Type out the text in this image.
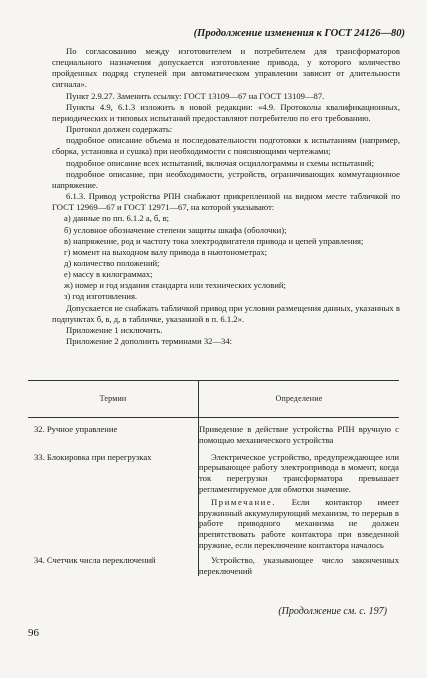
(Продолжение изменения к ГОСТ 24126—80)

По согласованию между изготовителем и потребителем для трансформаторов специального назначения допускается изготовление привода, у которого количество пройденных подряд ступеней при автоматическом управлении зависит от длительности сигнала».

Пункт 2.9.27. Заменить ссылку: ГОСТ 13109—67 на ГОСТ 13109—87.

Пункты 4.9, 6.1.3 изложить в новой редакции: «4.9. Протоколы квалификационных, периодических и типовых испытаний предоставляют потребителю по его требованию.

Протокол должен содержать:

подробное описание объема и последовательности подготовки к испытаниям (например, сборка, установка и сушка) при необходимости с поясняющими чертежами;

подробное описание всех испытаний, включая осциллограммы и схемы испытаний;

подробное описание, при необходимости, устройств, ограничивающих коммутационное напряжение.

6.1.3. Привод устройства РПН снабжают прикрепленной на видном месте табличкой по ГОСТ 12969—67 и ГОСТ 12971—67, на которой указывают:

а) данные по пп. 6.1.2 а, б, в;

б) условное обозначение степени защиты шкафа (оболочки);

в) напряжение, род и частоту тока электродвигателя привода и цепей управления;

г) момент на выходном валу привода в ньютонометрах;

д) количество положений;

е) массу в килограммах;

ж) номер и год издания стандарта или технических условий;

з) год изготовления.

Допускается не снабжать табличкой привод при условии размещения данных, указанных в подпунктах б, в, д, в табличке, указанной в п. 6.1.2».

Приложение 1 исключить.

Приложение 2 дополнить терминами 32—34:

Термин	Определение

32. Ручное управление	Приведение в действие устройства РПН вручную с помощью механического устройства

33. Блокировка при перегрузках	Электрическое устройство, предупреждающее или прерывающее работу электропривода в момент, когда ток перегрузки трансформатора превышает регламентируемое для обмотки значение.
Примечание. Если контактор имеет пружинный аккумулирующий механизм, то перерыв в работе приводного механизма не должен препятствовать работе контактора при взведенной пружине, если переключение контактора началось

34. Счетчик числа переключений	Устройство, указывающее число законченных переключений
(Продолжение см. с. 197)
96
